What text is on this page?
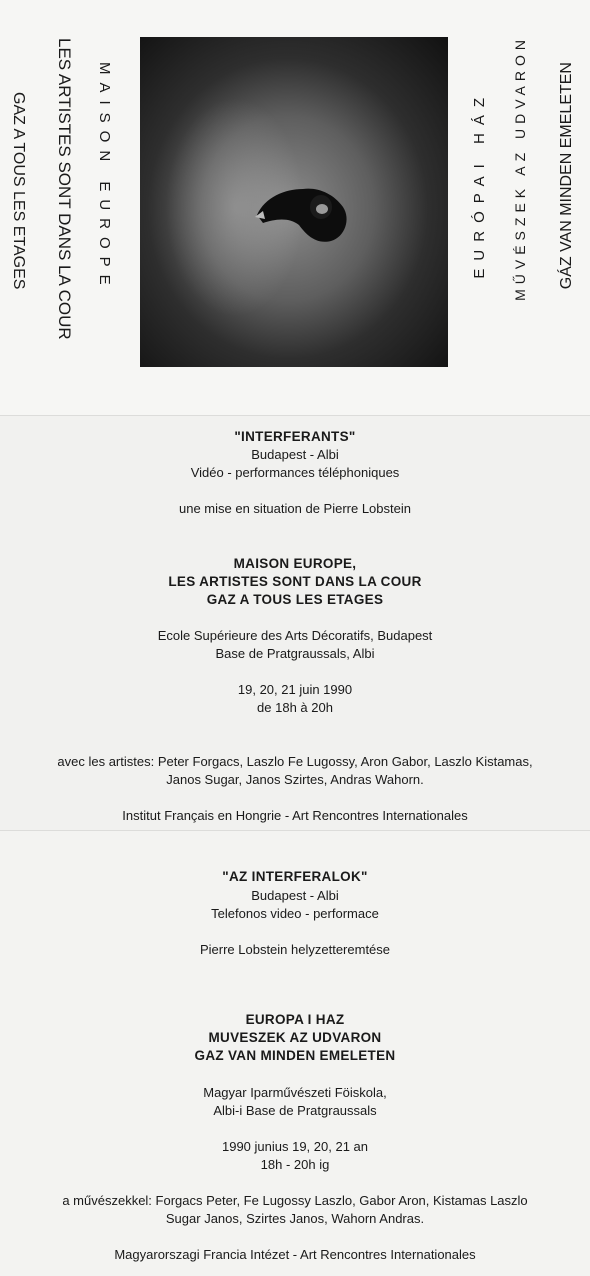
MAISON EUROPE
LES ARTISTES SONT DANS LA COUR
GAZ A TOUS LES ETAGES	EURÓPAI HÁZ MŰVÉSZEK AZ UDVARON GÁZ VAN MINDEN EMELETEN
"INTERFERANTS"
Budapest - Albi
Vidéo - performances téléphoniques
une mise en situation de Pierre Lobstein
MAISON EUROPE,
LES ARTISTES SONT DANS LA COUR
GAZ A TOUS LES ETAGES
Ecole Supérieure des Arts Décoratifs, Budapest
Base de Pratgraussals, Albi
19, 20, 21 juin 1990
de 18h à 20h
avec les artistes: Peter Forgacs, Laszlo Fe Lugossy, Aron Gabor, Laszlo Kistamas,
Janos Sugar, Janos Szirtes, Andras Wahorn.
Institut Français en Hongrie - Art Rencontres Internationales
"AZ INTERFERALOK"
Budapest - Albi
Telefonos video - performace
Pierre Lobstein helyzetteremtése
EUROPA I HAZ
MUVESZEK AZ UDVARON
GAZ VAN MINDEN EMELETEN
Magyar Iparművészeti Föiskola,
Albi-i Base de Pratgraussals
1990 junius 19, 20, 21 an
18h - 20h ig
a művészekkel: Forgacs Peter, Fe Lugossy Laszlo, Gabor Aron, Kistamas Laszlo
Sugar Janos, Szirtes Janos, Wahorn Andras.
Magyarorszagi Francia Intézet - Art Rencontres Internationales
